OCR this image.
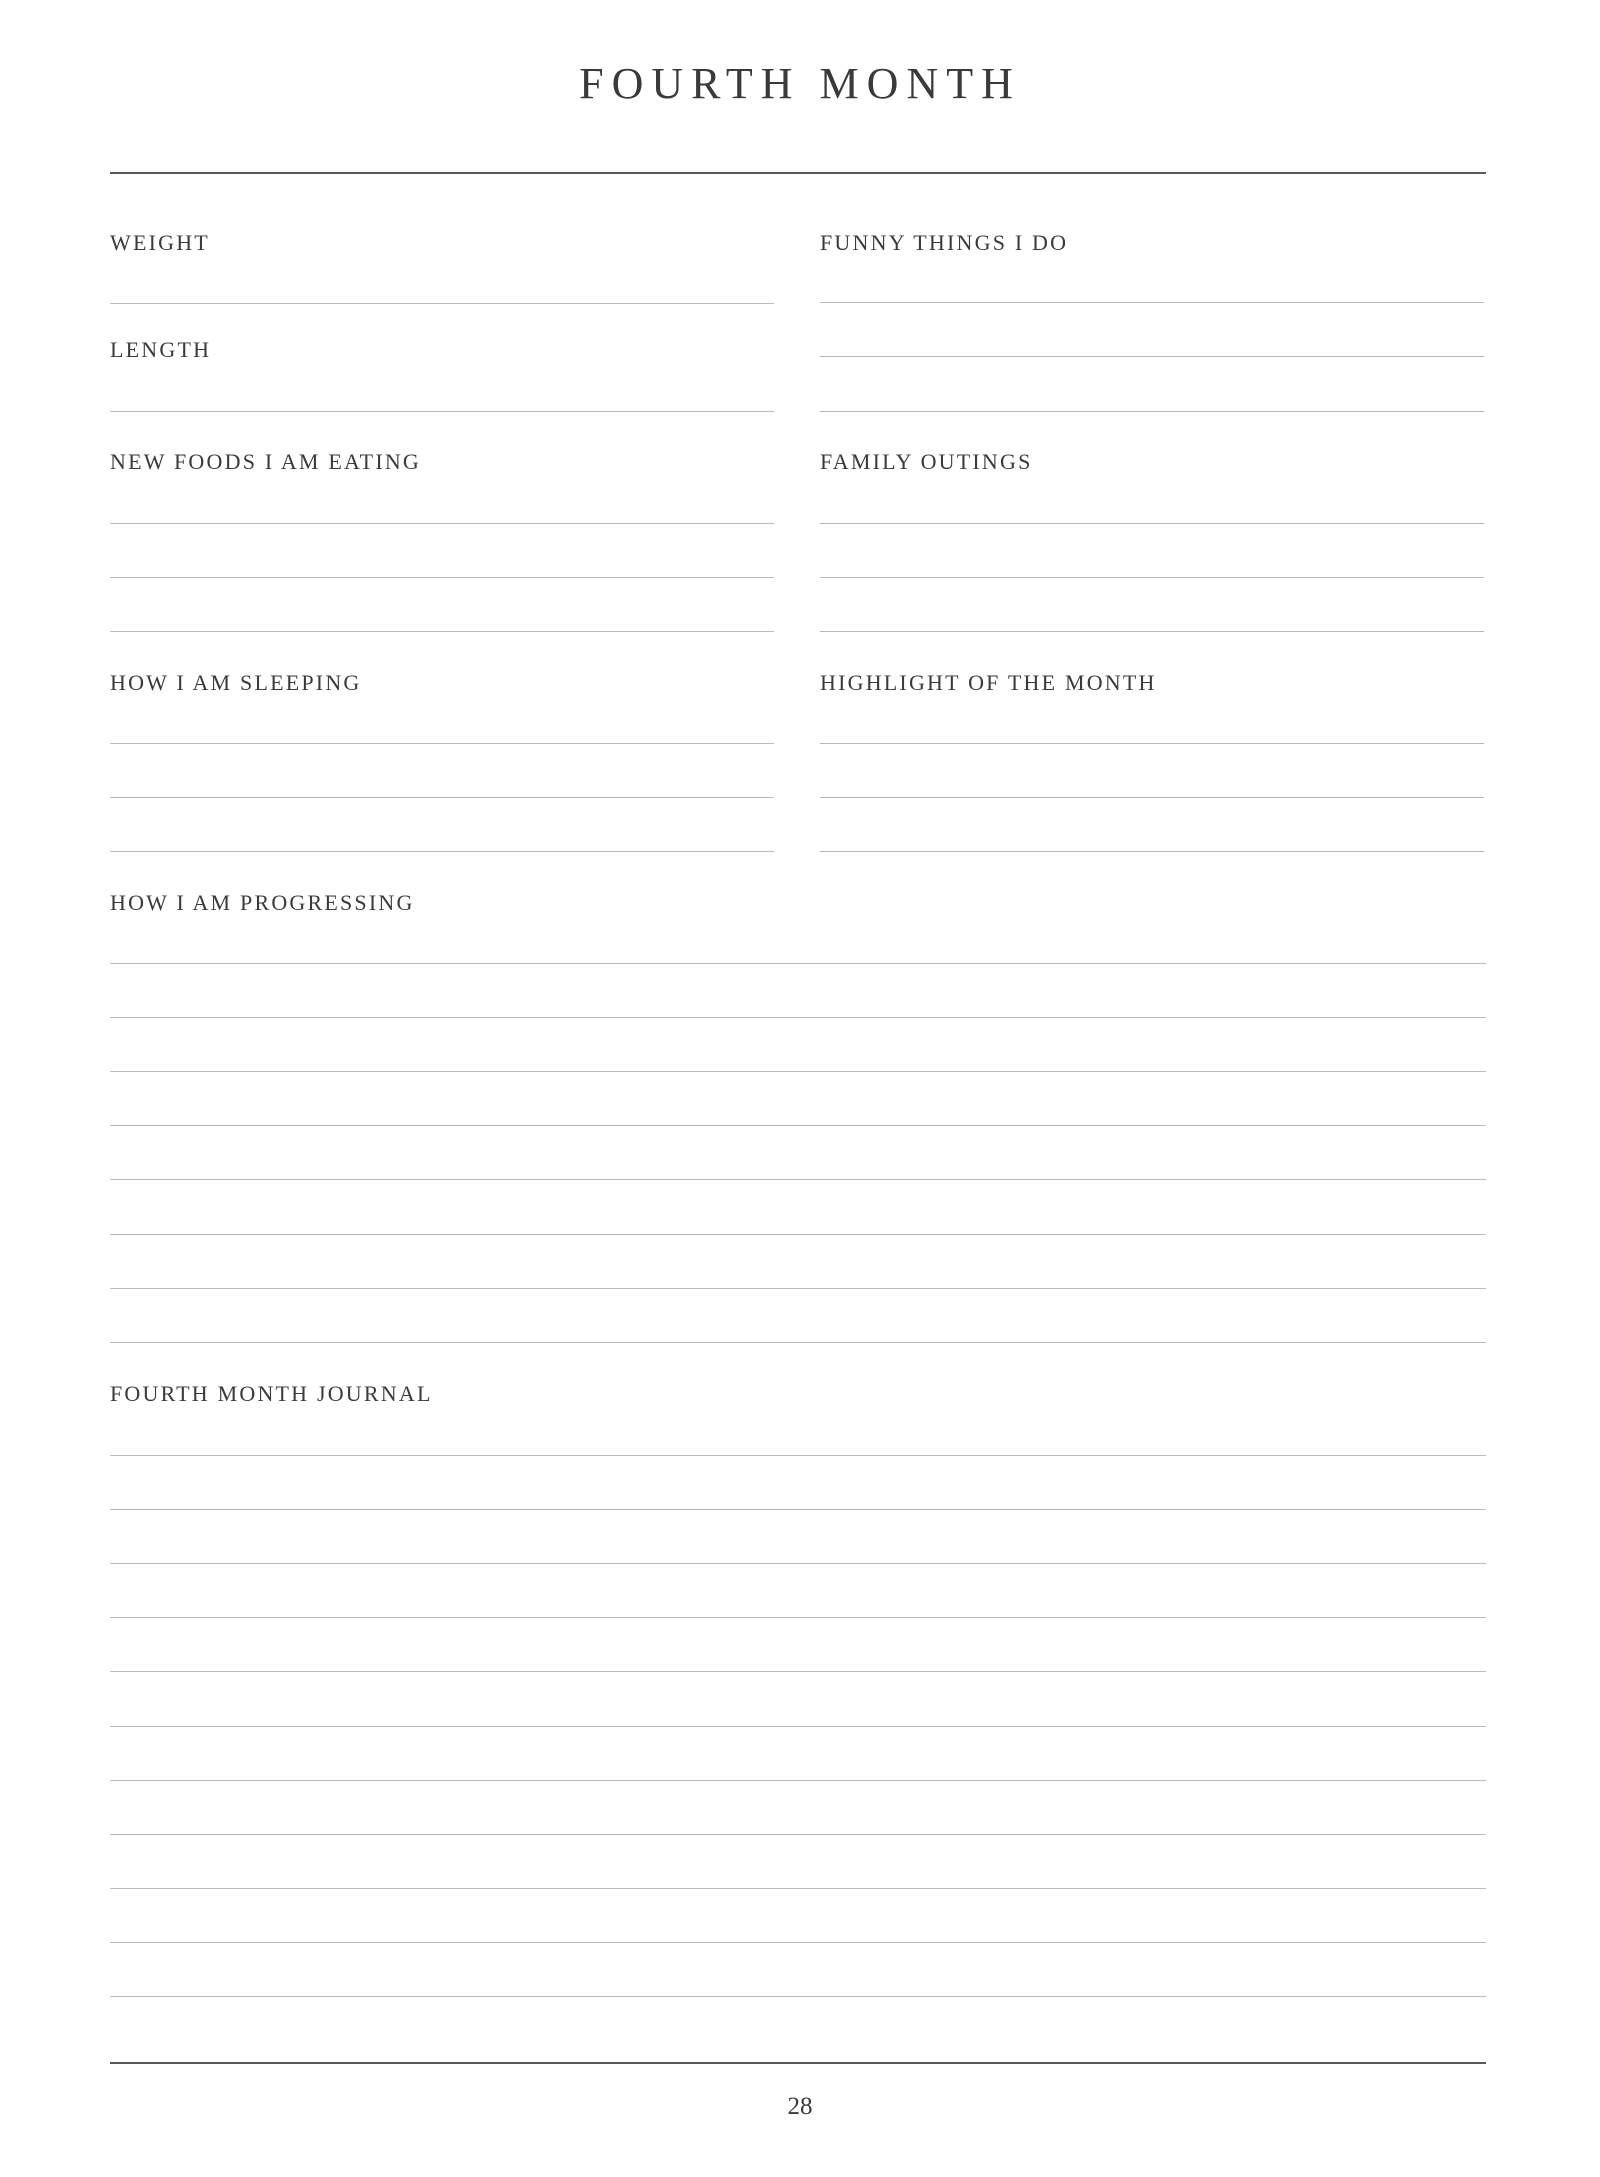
FOURTH MONTH
WEIGHT
LENGTH
NEW FOODS I AM EATING
HOW I AM SLEEPING
FUNNY THINGS I DO
FAMILY OUTINGS
HIGHLIGHT OF THE MONTH
HOW I AM PROGRESSING
FOURTH MONTH JOURNAL
28
